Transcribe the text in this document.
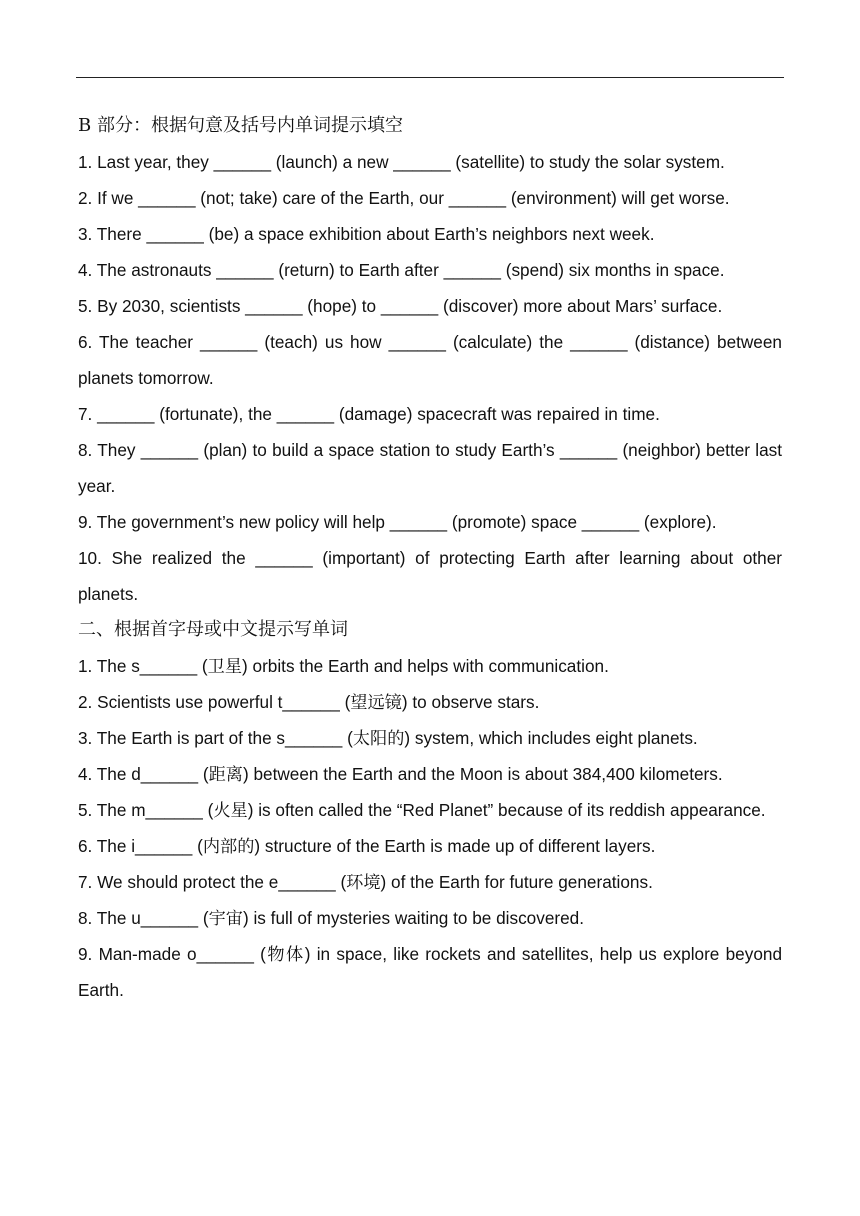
B 部分：根据句意及括号内单词提示填空

1. Last year, they ______ (launch) a new ______ (satellite) to study the solar system.

2. If we ______ (not; take) care of the Earth, our ______ (environment) will get worse.

3. There ______ (be) a space exhibition about Earth’s neighbors next week.

4. The astronauts ______ (return) to Earth after ______ (spend) six months in space.

5. By 2030, scientists ______ (hope) to ______ (discover) more about Mars’ surface.

6. The teacher ______ (teach) us how ______ (calculate) the ______ (distance) between planets tomorrow.

7. ______ (fortunate), the ______ (damage) spacecraft was repaired in time.

8. They ______ (plan) to build a space station to study Earth’s ______ (neighbor) better last year.

9. The government’s new policy will help ______ (promote) space ______ (explore).

10. She realized the ______ (important) of protecting Earth after learning about other planets.

二、根据首字母或中文提示写单词

1. The s______ (卫星) orbits the Earth and helps with communication.

2. Scientists use powerful t______ (望远镜) to observe stars.

3. The Earth is part of the s______ (太阳的) system, which includes eight planets.

4. The d______ (距离) between the Earth and the Moon is about 384,400 kilometers.

5. The m______ (火星) is often called the “Red Planet” because of its reddish appearance.

6. The i______ (内部的) structure of the Earth is made up of different layers.

7. We should protect the e______ (环境) of the Earth for future generations.

8. The u______ (宇宙) is full of mysteries waiting to be discovered.

9. Man-made o______ (物体) in space, like rockets and satellites, help us explore beyond Earth.
